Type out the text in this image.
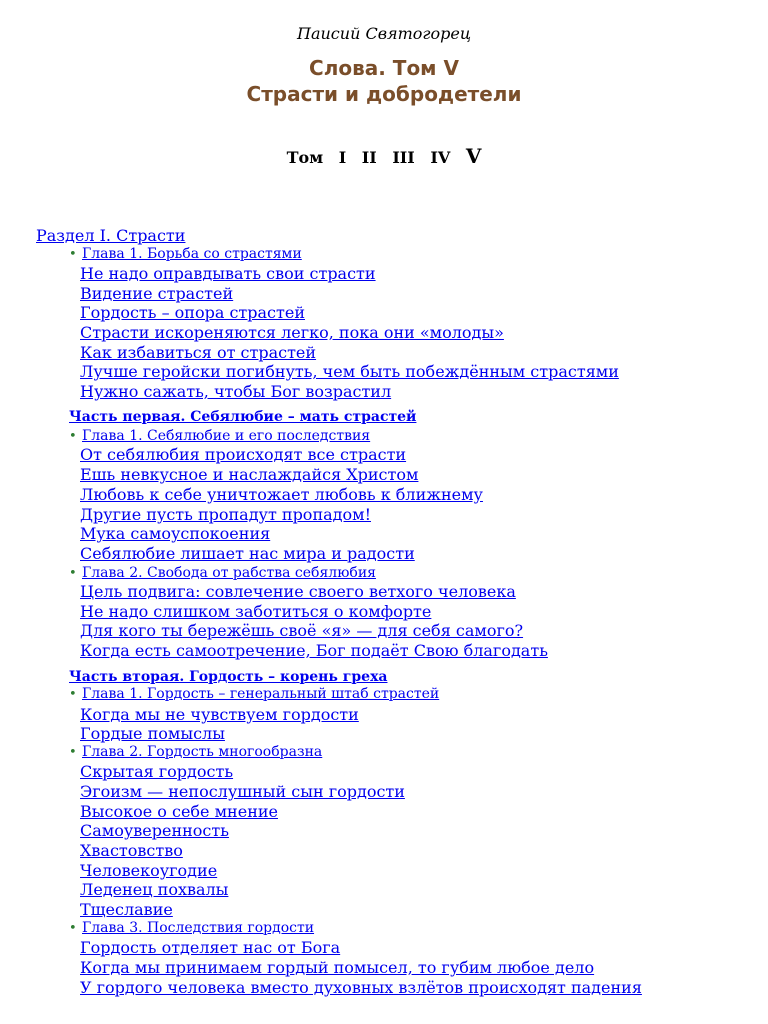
Паисий Святогорец
Слова. Том V
Страсти и добродетели
Том I II III IV V
Раздел I. Страсти
• Глава 1. Борьба со страстями
Не надо оправдывать свои страсти
Видение страстей
Гордость – опора страстей
Страсти искореняются легко, пока они «молоды»
Как избавиться от страстей
Лучше геройски погибнуть, чем быть побеждённым страстями
Нужно сажать, чтобы Бог возрастил
Часть первая. Себялюбие – мать страстей
• Глава 1. Себялюбие и его последствия
От себялюбия происходят все страсти
Ешь невкусное и наслаждайся Христом
Любовь к себе уничтожает любовь к ближнему
Другие пусть пропадут пропадом!
Мука самоуспокоения
Себялюбие лишает нас мира и радости
• Глава 2. Свобода от рабства себялюбия
Цель подвига: совлечение своего ветхого человека
Не надо слишком заботиться о комфорте
Для кого ты бережёшь своё «я» — для себя самого?
Когда есть самоотречение, Бог подаёт Свою благодать
Часть вторая. Гордость – корень греха
• Глава 1. Гордость – генеральный штаб страстей
Когда мы не чувствуем гордости
Гордые помыслы
• Глава 2. Гордость многообразна
Скрытая гордость
Эгоизм — непослушный сын гордости
Высокое о себе мнение
Самоуверенность
Хвастовство
Человекоугодие
Леденец похвалы
Тщеславие
• Глава 3. Последствия гордости
Гордость отделяет нас от Бога
Когда мы принимаем гордый помысел, то губим любое дело
У гордого человека вместо духовных взлётов происходят падения
